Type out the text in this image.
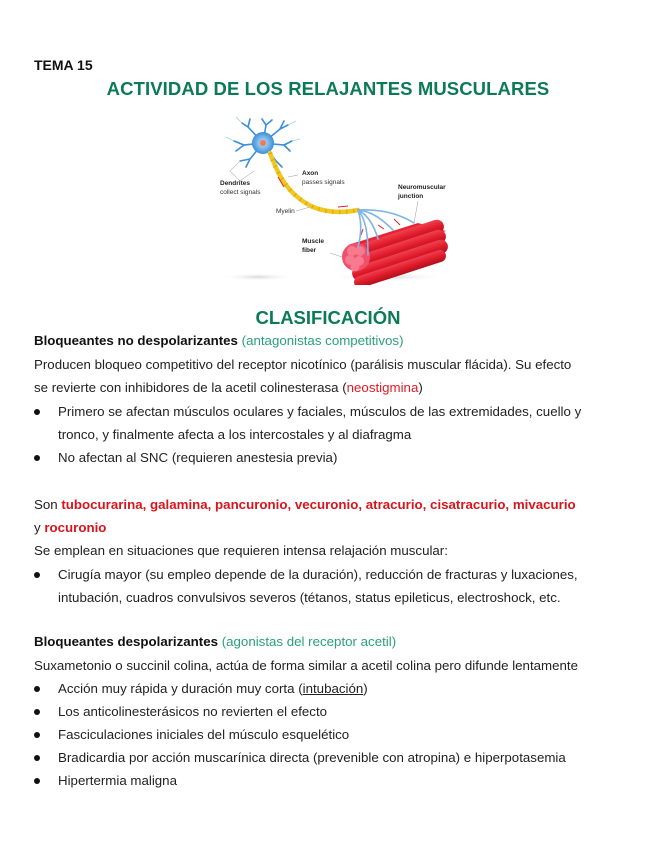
TEMA 15
ACTIVIDAD DE LOS RELAJANTES MUSCULARES
Dendrites
collect signals
Axon
passes signals
Myelin
Neuromuscular
junction
Muscle
fiber
CLASIFICACIÓN
Bloqueantes no despolarizantes (antagonistas competitivos)
Producen bloqueo competitivo del receptor nicotínico (parálisis muscular flácida). Su efecto
se revierte con inhibidores de la acetil colinesterasa (neostigmina)
Primero se afectan músculos oculares y faciales, músculos de las extremidades, cuello y
tronco, y finalmente afecta a los intercostales y al diafragma
No afectan al SNC (requieren anestesia previa)
Son tubocurarina, galamina, pancuronio, vecuronio, atracurio, cisatracurio, mivacurio
y rocuronio
Se emplean en situaciones que requieren intensa relajación muscular:
Cirugía mayor (su empleo depende de la duración), reducción de fracturas y luxaciones,
intubación, cuadros convulsivos severos (tétanos, status epileticus, electroshock, etc.
Bloqueantes despolarizantes (agonistas del receptor acetil)
Suxametonio o succinil colina, actúa de forma similar a acetil colina pero difunde lentamente
Acción muy rápida y duración muy corta (intubación)
Los anticolinesterásicos no revierten el efecto
Fasciculaciones iniciales del músculo esquelético
Bradicardia por acción muscarínica directa (prevenible con atropina) e hiperpotasemia
Hipertermia maligna
